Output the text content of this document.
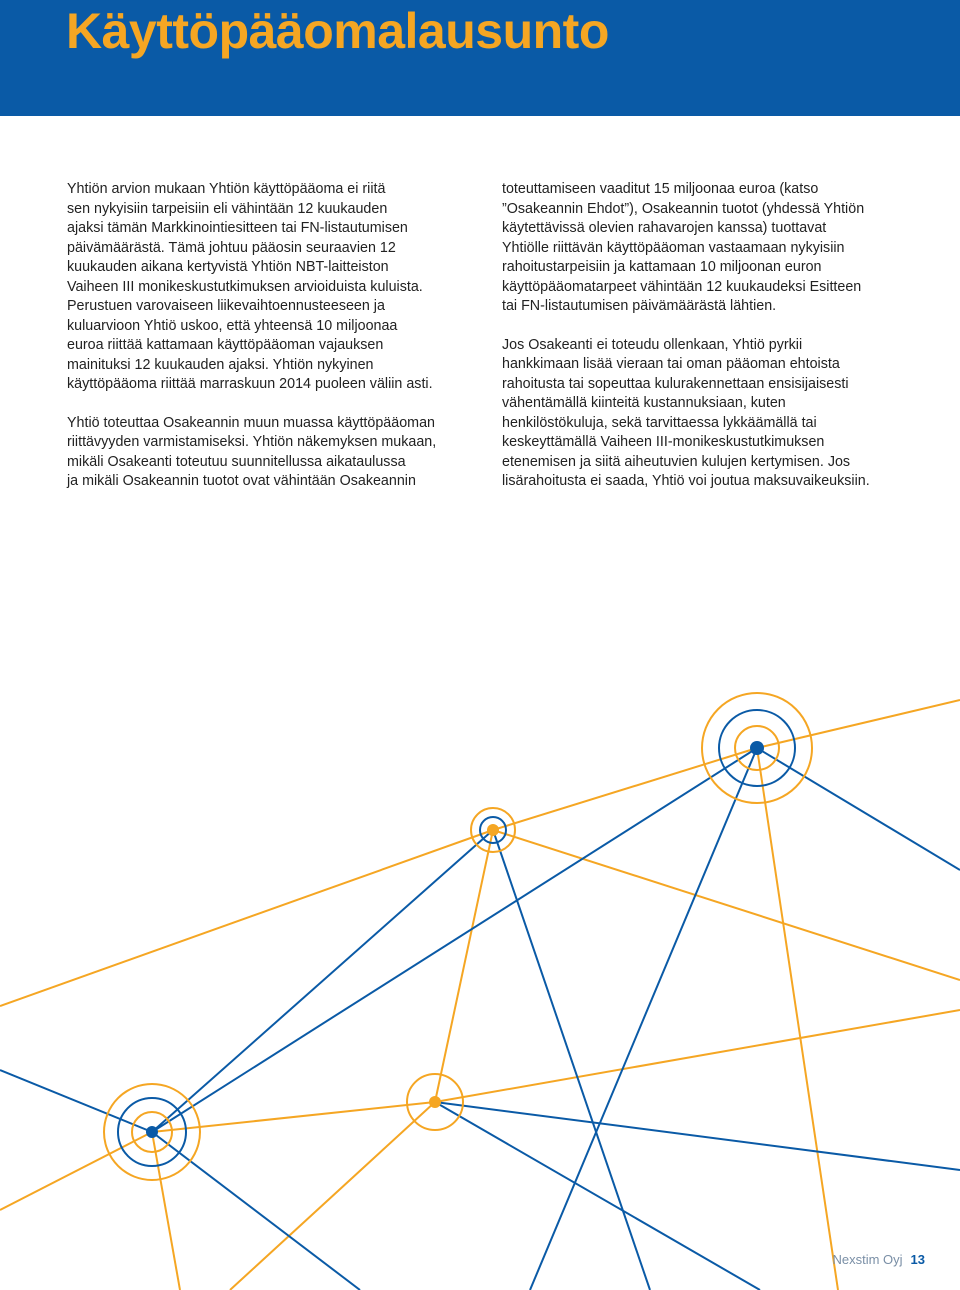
Käyttöpääomalausunto

Yhtiön arvion mukaan Yhtiön käyttöpääoma ei riitä
sen nykyisiin tarpeisiin eli vähintään 12 kuukauden
ajaksi tämän Markkinointiesitteen tai FN-listautumisen
päivämäärästä. Tämä johtuu pääosin seuraavien 12
kuukauden aikana kertyvistä Yhtiön NBT-laitteiston
Vaiheen III monikeskustutkimuksen arvioiduista kuluista.
Perustuen varovaiseen liikevaihtoennusteeseen ja
kuluarvioon Yhtiö uskoo, että yhteensä 10 miljoonaa
euroa riittää kattamaan käyttöpääoman vajauksen
mainituksi 12 kuukauden ajaksi. Yhtiön nykyinen
käyttöpääoma riittää marraskuun 2014 puoleen väliin asti.

Yhtiö toteuttaa Osakeannin muun muassa käyttöpääoman
riittävyyden varmistamiseksi. Yhtiön näkemyksen mukaan,
mikäli Osakeanti toteutuu suunnitellussa aikataulussa
ja mikäli Osakeannin tuotot ovat vähintään Osakeannin

toteuttamiseen vaaditut 15 miljoonaa euroa (katso
”Osakeannin Ehdot”), Osakeannin tuotot (yhdessä Yhtiön
käytettävissä olevien rahavarojen kanssa) tuottavat
Yhtiölle riittävän käyttöpääoman vastaamaan nykyisiin
rahoitustarpeisiin ja kattamaan 10 miljoonan euron
käyttöpääomatarpeet vähintään 12 kuukaudeksi Esitteen
tai FN-listautumisen päivämäärästä lähtien.

Jos Osakeanti ei toteudu ollenkaan, Yhtiö pyrkii
hankkimaan lisää vieraan tai oman pääoman ehtoista
rahoitusta tai sopeuttaa kulurakennettaan ensisijaisesti
vähentämällä kiinteitä kustannuksiaan, kuten
henkilöstökuluja, sekä tarvittaessa lykkäämällä tai
keskeyttämällä Vaiheen III-monikeskustutkimuksen
etenemisen ja siitä aiheutuvien kulujen kertymisen. Jos
lisärahoitusta ei saada, Yhtiö voi joutua maksuvaikeuksiin.

Nexstim Oyj 13
